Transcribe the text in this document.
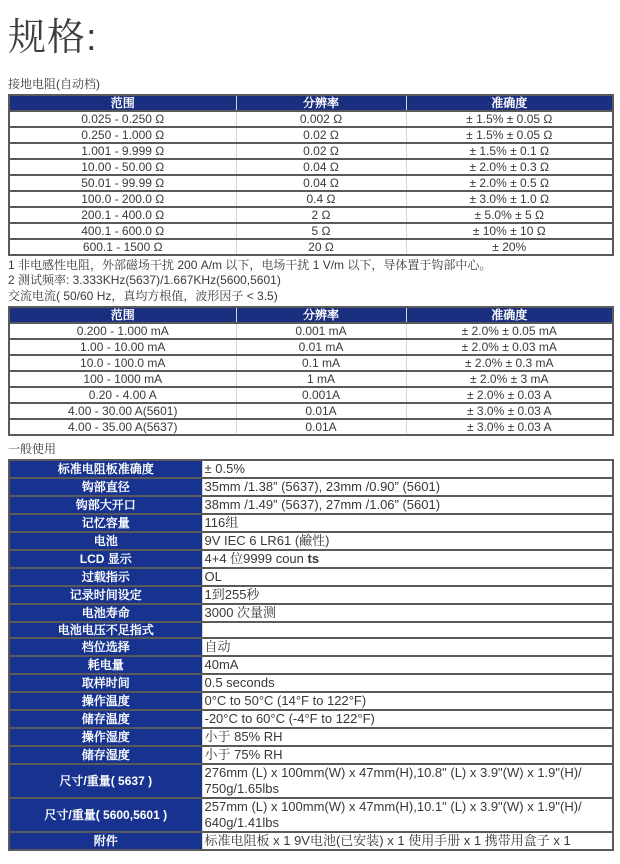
规格:
接地电阻(自动档)
范围	分辨率	准确度
0.025 - 0.250 Ω	0.002 Ω	± 1.5% ± 0.05 Ω
0.250 - 1.000 Ω	0.02 Ω	± 1.5% ± 0.05 Ω
1.001 - 9.999 Ω	0.02 Ω	± 1.5% ± 0.1 Ω
10.00 - 50.00 Ω	0.04 Ω	± 2.0% ± 0.3 Ω
50.01 - 99.99 Ω	0.04 Ω	± 2.0% ± 0.5 Ω
100.0 - 200.0 Ω	0.4 Ω	± 3.0% ± 1.0 Ω
200.1 - 400.0 Ω	2 Ω	± 5.0% ± 5 Ω
400.1 - 600.0 Ω	5 Ω	± 10% ± 10 Ω
600.1 - 1500 Ω	20 Ω	± 20%

1 非电感性电阻，外部磁场干扰 200 A/m 以下，电场干扰 1 V/m 以下，导体置于钩部中心。

2 测试频率: 3.333KHz(5637)/1.667KHz(5600,5601)

交流电流( 50/60 Hz，真均方根值，波形因子 < 3.5)
范围	分辨率	准确度
0.200 - 1.000 mA	0.001 mA	± 2.0% ± 0.05 mA
1.00 - 10.00 mA	0.01 mA	± 2.0% ± 0.03 mA
10.0 - 100.0 mA	0.1 mA	± 2.0% ± 0.3 mA
100 - 1000 mA	1 mA	± 2.0% ± 3 mA
0.20 - 4.00 A	0.001A	± 2.0% ± 0.03 A
4.00 - 30.00 A(5601)	0.01A	± 3.0% ± 0.03 A
4.00 - 35.00 A(5637)	0.01A	± 3.0% ± 0.03 A
一般使用
标准电阻板准确度	± 0.5%
钩部直径	35mm /1.38” (5637), 23mm /0.90” (5601)
钩部大开口	38mm /1.49” (5637), 27mm /1.06” (5601)
记忆容量	116组
电池	9V IEC 6 LR61 (鹼性)
LCD 显示	4+4 位9999 coun ts
过载指示	OL
记录时间设定	1到255秒
电池寿命	3000 次量测
电池电压不足指式	
档位选择	自动
耗电量	40mA
取样时间	0.5 seconds
操作温度	0°C to 50°C (14°F to 122°F)
储存温度	-20°C to 60°C (-4°F to 122°F)
操作湿度	小于 85% RH
储存湿度	小于 75% RH
尺寸/重量( 5637 )	276mm (L) x 100mm(W) x 47mm(H),10.8" (L) x 3.9"(W) x 1.9"(H)/ 750g/1.65lbs
尺寸/重量( 5600,5601 )	257mm (L) x 100mm(W) x 47mm(H),10.1" (L) x 3.9"(W) x 1.9"(H)/ 640g/1.41lbs
附件	标准电阻板 x 1 9V电池(已安装) x 1 使用手册 x 1 携带用盒子 x 1
